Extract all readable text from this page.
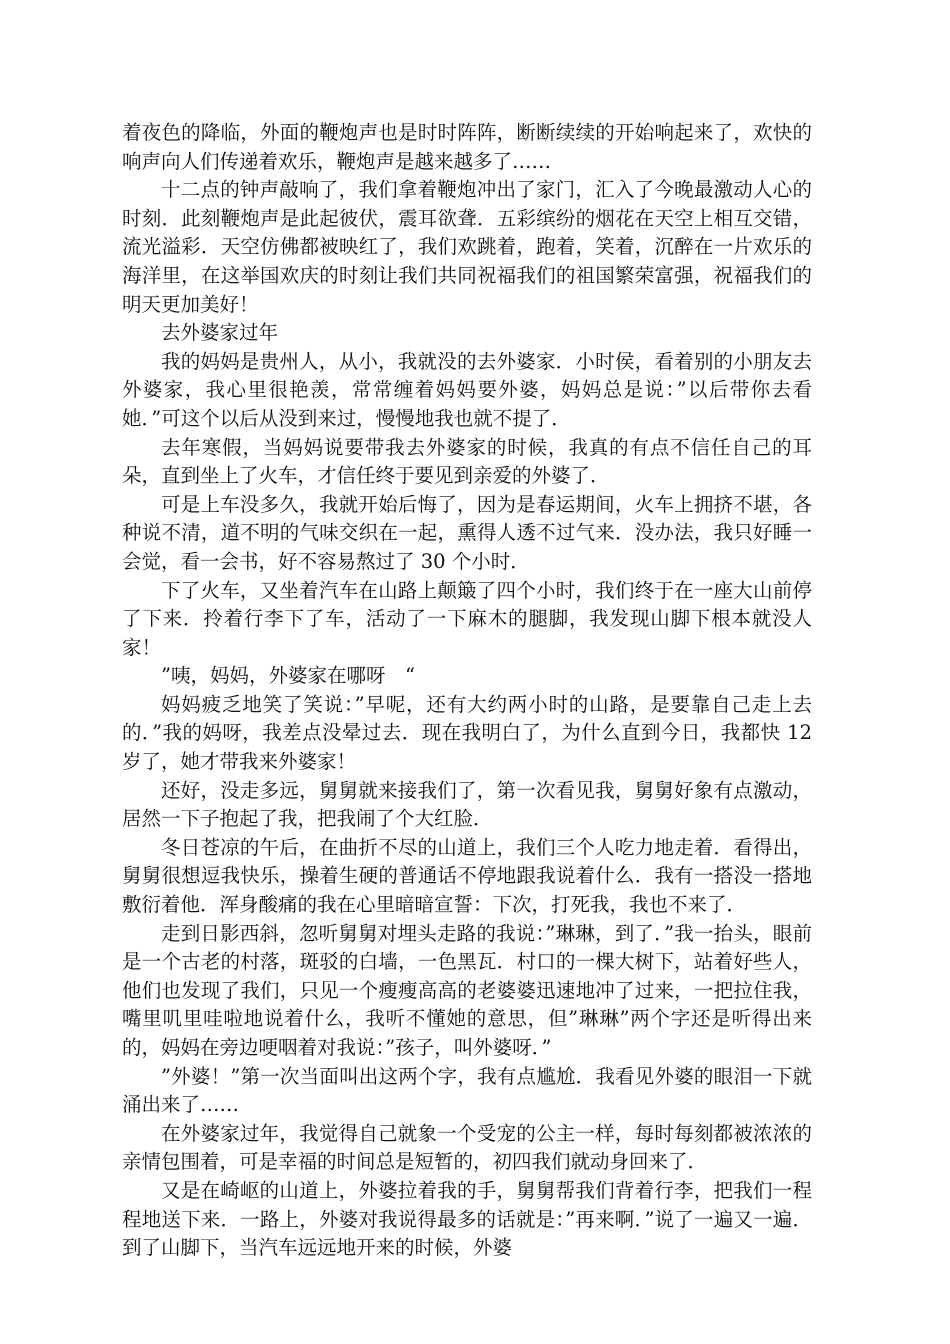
着夜色的降临，外面的鞭炮声也是时时阵阵，断断续续的开始响起来了，欢快的响声向人们传递着欢乐，鞭炮声是越来越多了……

十二点的钟声敲响了，我们拿着鞭炮冲出了家门，汇入了今晚最激动人心的时刻．此刻鞭炮声是此起彼伏，震耳欲聋．五彩缤纷的烟花在天空上相互交错，流光溢彩．天空仿佛都被映红了，我们欢跳着，跑着，笑着，沉醉在一片欢乐的海洋里，在这举国欢庆的时刻让我们共同祝福我们的祖国繁荣富强，祝福我们的明天更加美好！

去外婆家过年

我的妈妈是贵州人，从小，我就没的去外婆家．小时侯，看着别的小朋友去外婆家，我心里很艳羡，常常缠着妈妈要外婆，妈妈总是说：”以后带你去看她．”可这个以后从没到来过，慢慢地我也就不提了．

去年寒假，当妈妈说要带我去外婆家的时候，我真的有点不信任自己的耳朵，直到坐上了火车，才信任终于要见到亲爱的外婆了．

可是上车没多久，我就开始后悔了，因为是春运期间，火车上拥挤不堪，各种说不清，道不明的气味交织在一起，熏得人透不过气来．没办法，我只好睡一会觉，看一会书，好不容易熬过了 30 个小时．

下了火车，又坐着汽车在山路上颠簸了四个小时，我们终于在一座大山前停了下来．拎着行李下了车，活动了一下麻木的腿脚，我发现山脚下根本就没人家！

”咦，妈妈，外婆家在哪呀　“

妈妈疲乏地笑了笑说：”早呢，还有大约两小时的山路，是要靠自己走上去的．”我的妈呀，我差点没晕过去．现在我明白了，为什么直到今日，我都快 12 岁了，她才带我来外婆家！

还好，没走多远，舅舅就来接我们了，第一次看见我，舅舅好象有点激动，居然一下子抱起了我，把我闹了个大红脸．

冬日苍凉的午后，在曲折不尽的山道上，我们三个人吃力地走着．看得出，舅舅很想逗我快乐，操着生硬的普通话不停地跟我说着什么．我有一搭没一搭地敷衍着他．浑身酸痛的我在心里暗暗宣誓：下次，打死我，我也不来了．

走到日影西斜，忽听舅舅对埋头走路的我说：”琳琳，到了．”我一抬头，眼前是一个古老的村落，斑驳的白墙，一色黑瓦．村口的一棵大树下，站着好些人，他们也发现了我们，只见一个瘦瘦高高的老婆婆迅速地冲了过来，一把拉住我，嘴里叽里哇啦地说着什么，我听不懂她的意思，但”琳琳”两个字还是听得出来的，妈妈在旁边哽咽着对我说：”孩子，叫外婆呀．”

”外婆！”第一次当面叫出这两个字，我有点尴尬．我看见外婆的眼泪一下就涌出来了……

在外婆家过年，我觉得自己就象一个受宠的公主一样，每时每刻都被浓浓的亲情包围着，可是幸福的时间总是短暂的，初四我们就动身回来了．

又是在崎岖的山道上，外婆拉着我的手，舅舅帮我们背着行李，把我们一程程地送下来．一路上，外婆对我说得最多的话就是：”再来啊．”说了一遍又一遍．到了山脚下，当汽车远远地开来的时候，外婆
